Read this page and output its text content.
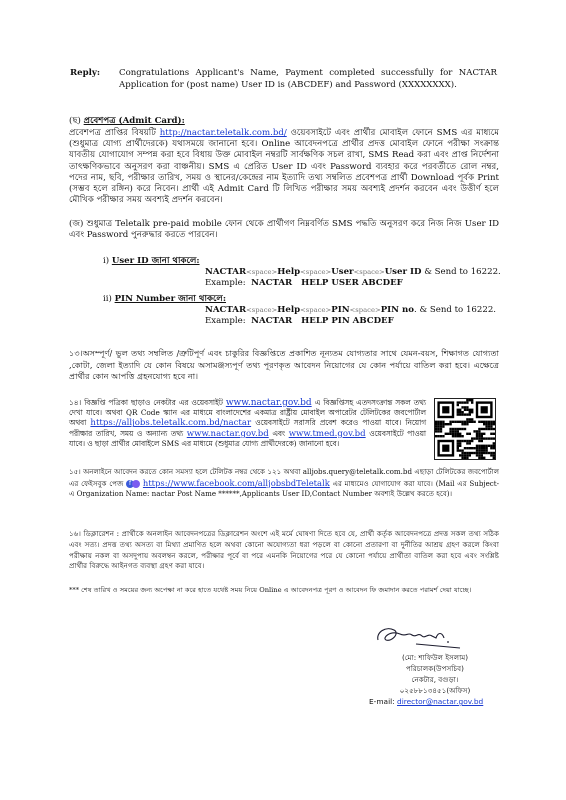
Reply: Congratulations Applicant's Name, Payment completed successfully for NACTAR Application for (post name) User ID is (ABCDEF) and Password (XXXXXXXX).
(ছ) প্রবেশপত্র (Admit Card):
প্রবেশপত্র প্রাপ্তির বিষয়টি http://nactar.teletalk.com.bd/ ওয়েবসাইটে এবং প্রার্থীর মোবাইল ফোনে SMS এর মাধ্যমে (শুধুমাত্র যোগ্য প্রার্থীদেরকে) যথাসময়ে জানানো হবে। Online আবেদনপত্রে প্রার্থীর প্রদত্ত মোবাইল ফোনে পরীক্ষা সংক্রান্ত যাবতীয় যোগাযোগ সম্পন্ন করা হবে বিধায় উক্ত মোবাইল নম্বরটি সার্বক্ষণিক সচল রাখা, SMS Read করা এবং প্রাপ্ত নির্দেশনা তাৎক্ষণিকভাবে অনুসরণ করা বাঞ্চনীয়। SMS এ প্রেরিত User ID এবং Password ব্যবহার করে পরবর্তীতে রোল নম্বর, পদের নাম, ছবি, পরীক্ষার তারিখ, সময় ও স্থানের/কেন্দ্রের নাম ইত্যাদি তথ্য সম্বলিত প্রবেশপত্র প্রার্থী Download পূর্বক Print (সম্ভব হলে রঙ্গিন) করে নিবেন। প্রার্থী এই Admit Card টি লিখিত পরীক্ষার সময় অবশ্যই প্রদর্শন করবেন এবং উত্তীর্ণ হলে মৌখিক পরীক্ষার সময় অবশ্যই প্রদর্শন করবেন।
(জ) শুধুমাত্র Teletalk pre-paid mobile ফোন থেকে প্রার্থীগণ নিম্নবর্ণিত SMS পদ্ধতি অনুসরণ করে নিজ নিজ User ID এবং Password পুনরুদ্ধার করতে পারবেন।
i) User ID জানা থাকলে:
NACTAR<space>Help<space>User<space>User ID & Send to 16222.
Example: NACTAR   HELP USER ABCDEF
ii) PIN Number জানা থাকলে:
NACTAR<space>Help<space>PIN<space>PIN no. & Send to 16222.
Example: NACTAR   HELP PIN ABCDEF
১৩।অসম্পূর্ণ/ ভুল তথ্য সম্বলিত /ত্রুটিপূর্ণ এবং চাকুরির বিজ্ঞপ্তিতে প্রকাশিত নূন্যতম যোগ্যতার সাথে যেমন-বয়স, শিক্ষাগত যোগ্যতা ,কোটা, জেলা ইত্যাদি যে কোন বিষয়ে অসামঞ্জস্যপূর্ণ তথ্য পূরণকৃত আবেদন নিয়োগের যে কোন পর্যায়ে বাতিল করা হবে। এক্ষেত্রে প্রার্থীর কোন আপত্তি গ্রহনযোগ্য হবে না।
১৪। বিজ্ঞপ্তি পত্রিকা ছাড়াও নেকটার এর ওয়েবসাইট www.nactar.gov.bd এ বিজ্ঞপ্তিসহ এতদসংক্রান্ত সকল তথ্য দেখা যাবে। অথবা QR Code স্ক্যান এর মাধ্যমে বাংলাদেশের একমাত্র রাষ্ট্রীয় মোবাইল অপারেটর টেলিটকের জবপোর্টাল অথবা https://alljobs.teletalk.com.bd/nactar ওয়েবসাইটে সরাসরি প্রবেশ করেও পাওয়া যাবে। নিয়োগ পরীক্ষার তারিখ, সময় ও অন্যান্য তথ্য www.nactar.gov.bd এবং www.tmed.gov.bd ওয়েবসাইটে পাওয়া যাবে। ও ছাড়া প্রার্থীর মোবাইলে SMS এর মাধ্যমে (শুধুমাত্র যোগ্য প্রার্থীদেরকে) জানানো হবে।
১৫। অনলাইনে আবেদন করতে কোন সমস্যা হলে টেলিটক নম্বর থেকে ১২১ অথবা alljobs.query@teletalk.com.bd এছাড়া টেলিটকের জবপোর্টাল এর ফেইসবুক পেজ f https://www.facebook.com/alljobsbdTeletalk এর মাধ্যমেও যোগাযোগ করা যাবে। (Mail এর Subject- এ Organization Name: nactar Post Name ******,Applicants User ID,Contact Number অবশ্যই উল্লেখ করতে হবে)।
১৬। ডিক্লারেশন : প্রার্থীকে অনলাইন আবেদনপত্রের ডিক্লারেশন অংশে এই মর্মে ঘোষণা দিতে হবে যে, প্রার্থী কর্তৃক আবেদনপত্রে প্রদত্ত সকল তথ্য সঠিক এবং সত্য। প্রদত্ত তথ্য অসত্য বা মিথ্যা প্রমাণিত হলে অথবা কোনো অযোগ্যতা ধরা পড়লে বা কোনো প্রতারণা বা দুর্নীতির আশ্রয় গ্রহণ করলে কিংবা পরীক্ষায় নকল বা অসদুপায় অবলম্বন করলে, পরীক্ষার পূর্বে বা পরে এমনকি নিয়োগের পরে যে কোনো পর্যায়ে প্রার্থীতা বাতিল করা হবে এবং সংশ্লিষ্ট প্রার্থীর বিরুদ্ধে আইনগত ব্যবস্থা গ্রহণ করা যাবে।
*** শেষ তারিখ ও সময়ের জন্য অপেক্ষা না করে হাতে যথেষ্ট সময় নিয়ে Online এ আবেদনপত্র পূরণ ও আবেদন ফি জমাদান করতে পরামর্শ দেয়া যাচ্ছে।
(মো: শাফিউল ইসলাম)
পরিচালক(উপসচিব)
নেকটার, বগুড়া।
০২৫৮৮১৩৪৫১(অফিস)
E-mail: director@nactar.gov.bd
